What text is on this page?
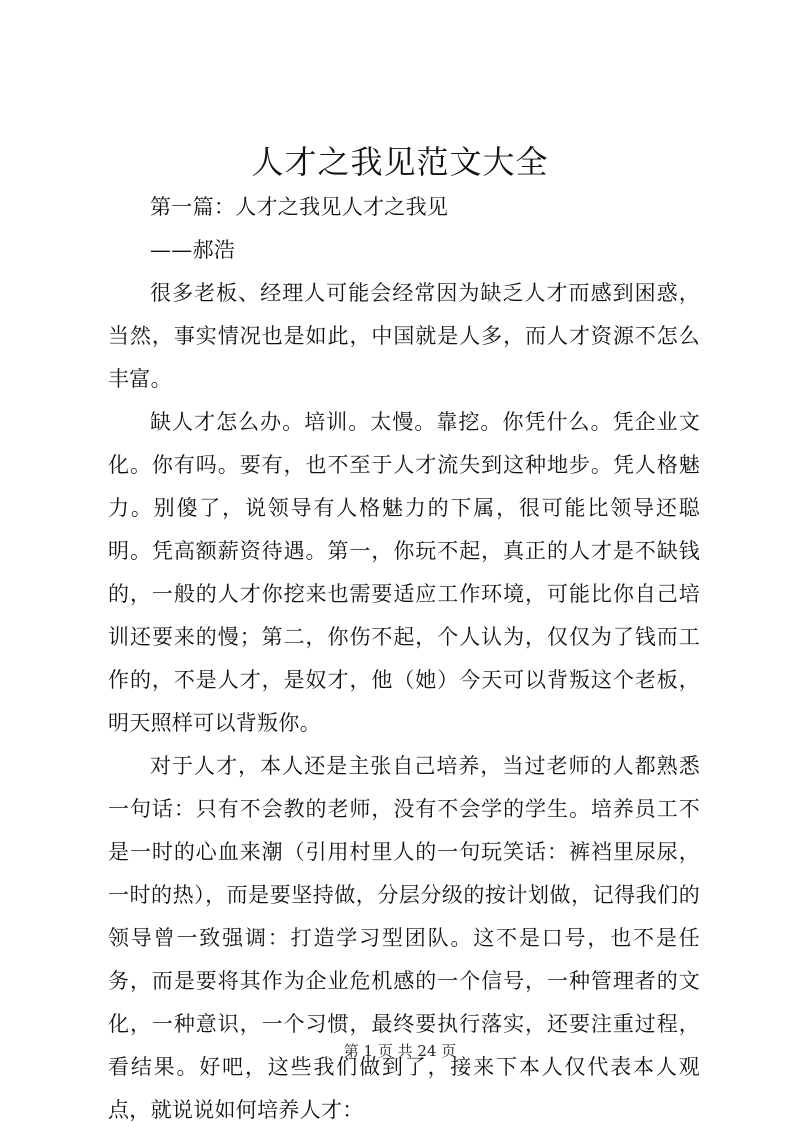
人才之我见范文大全

第一篇：人才之我见人才之我见

——郝浩

很多老板、经理人可能会经常因为缺乏人才而感到困惑，当然，事实情况也是如此，中国就是人多，而人才资源不怎么丰富。

缺人才怎么办。培训。太慢。靠挖。你凭什么。凭企业文化。你有吗。要有，也不至于人才流失到这种地步。凭人格魅力。别傻了，说领导有人格魅力的下属，很可能比领导还聪明。凭高额薪资待遇。第一，你玩不起，真正的人才是不缺钱的，一般的人才你挖来也需要适应工作环境，可能比你自己培训还要来的慢；第二，你伤不起，个人认为，仅仅为了钱而工作的，不是人才，是奴才，他（她）今天可以背叛这个老板，明天照样可以背叛你。

对于人才，本人还是主张自己培养，当过老师的人都熟悉一句话：只有不会教的老师，没有不会学的学生。培养员工不是一时的心血来潮（引用村里人的一句玩笑话：裤裆里尿尿，一时的热），而是要坚持做，分层分级的按计划做，记得我们的领导曾一致强调：打造学习型团队。这不是口号，也不是任务，而是要将其作为企业危机感的一个信号，一种管理者的文化，一种意识，一个习惯，最终要执行落实，还要注重过程，看结果。好吧，这些我们做到了，接来下本人仅代表本人观点，就说说如何培养人才：

第 1 页 共 24 页
